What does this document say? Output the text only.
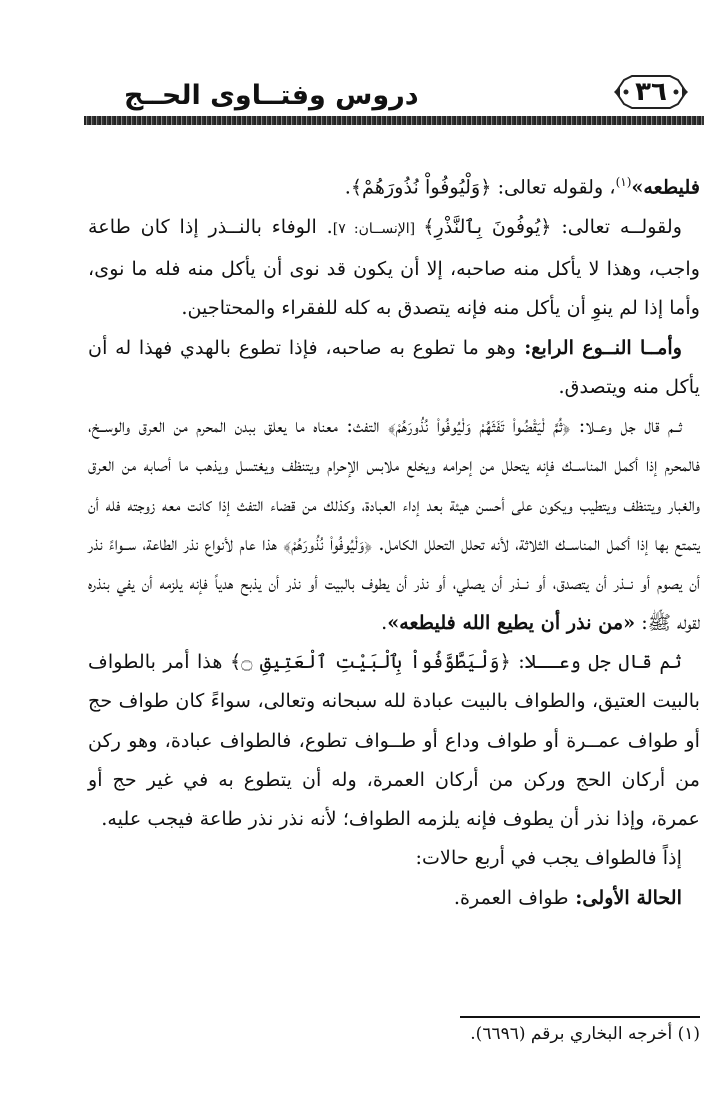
دروس وفتــاوى الحــج	٣٦

فليطعه»$^{(١)}$، ولقوله تعالى: ﴿وَلْيُوفُواْ نُذُورَهُمْ﴾.

ولقولــه تعالى: ﴿يُوفُونَ بِٱلنَّذْرِ﴾ [الإنســان: ٧]. الوفاء بالنــذر إذا كان طاعة واجب، وهذا لا يأكل منه صاحبه، إلا أن يكون قد نوى أن يأكل منه فله ما نوى، وأما إذا لم ينوِ أن يأكل منه فإنه يتصدق به كله للفقراء والمحتاجين.

وأمــا النــوع الرابع: وهو ما تطوع به صاحبه، فإذا تطوع بالهدي فهذا له أن يأكل منه ويتصدق.

ثــم قال جل وعــلا: ﴿ثُمَّ لْيَقْضُواْ تَفَثَهُمْ وَلْيُوفُواْ نُذُورَهُمْ﴾ التفث: معناه ما يعلق ببدن المحرم من العرق والوســخ، فالمحرم إذا أكمل المناســك فإنه يتحلل من إحرامه ويخلع ملابس الإحرام ويتنظف ويغتسل ويذهب ما أصابه من العرق والغبار ويتنظف ويتطيب ويكون على أحسن هيئة بعد إداء العبادة، وكذلك من قضاء التفث إذا كانت معه زوجته فله أن يتمتع بها إذا أكمل المناســك الثلاثة، لأنه تحلل التحلل الكامل. ﴿وَلْيُوفُواْ نُذُورَهُمْ﴾ هذا عام لأنواع نذر الطاعة، ســواءً نذر أن يصوم أو نــذر أن يتصدق، أو نــذر أن يصلي، أو نذر أن يطوف بالبيت أو نذر أن يذبح هدياً فإنه يلزمه أن يفي بنذره لقوله ﷺ: «من نذر أن يطيع الله فليطعه».

ثم قال جل وعــلا: ﴿وَلْيَطَّوَّفُواْ بِٱلْبَيْتِ ٱلْعَتِيقِ ۝﴾ هذا أمر بالطواف بالبيت العتيق، والطواف بالبيت عبادة لله سبحانه وتعالى، سواءً كان طواف حج أو طواف عمــرة أو طواف وداع أو طــواف تطوع، فالطواف عبادة، وهو ركن من أركان الحج وركن من أركان العمرة، وله أن يتطوع به في غير حج أو عمرة، وإذا نذر أن يطوف فإنه يلزمه الطواف؛ لأنه نذر نذر طاعة فيجب عليه.

إذاً فالطواف يجب في أربع حالات:

الحالة الأولى: طواف العمرة.

(١) أخرجه البخاري برقم (٦٦٩٦).
